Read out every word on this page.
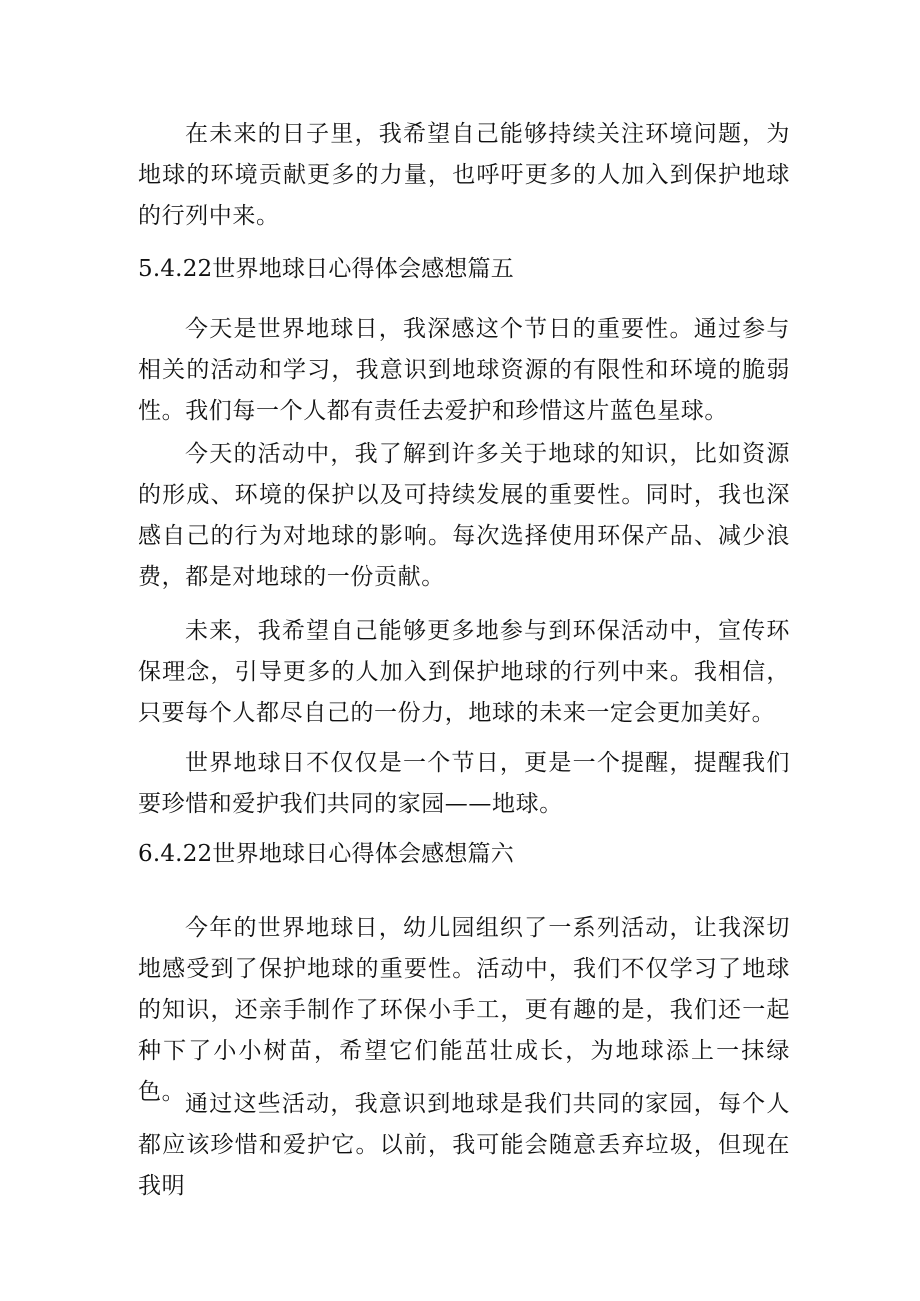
在未来的日子里，我希望自己能够持续关注环境问题，为地球的环境贡献更多的力量，也呼吁更多的人加入到保护地球的行列中来。

5.4.22世界地球日心得体会感想篇五

今天是世界地球日，我深感这个节日的重要性。通过参与相关的活动和学习，我意识到地球资源的有限性和环境的脆弱性。我们每一个人都有责任去爱护和珍惜这片蓝色星球。

今天的活动中，我了解到许多关于地球的知识，比如资源的形成、环境的保护以及可持续发展的重要性。同时，我也深感自己的行为对地球的影响。每次选择使用环保产品、减少浪费，都是对地球的一份贡献。

未来，我希望自己能够更多地参与到环保活动中，宣传环保理念，引导更多的人加入到保护地球的行列中来。我相信，只要每个人都尽自己的一份力，地球的未来一定会更加美好。

世界地球日不仅仅是一个节日，更是一个提醒，提醒我们要珍惜和爱护我们共同的家园——地球。

6.4.22世界地球日心得体会感想篇六

今年的世界地球日，幼儿园组织了一系列活动，让我深切地感受到了保护地球的重要性。活动中，我们不仅学习了地球的知识，还亲手制作了环保小手工，更有趣的是，我们还一起种下了小小树苗，希望它们能茁壮成长，为地球添上一抹绿色。 通过这些活动，我意识到地球是我们共同的家园，每个人都应该珍惜和爱护它。以前，我可能会随意丢弃垃圾，但现在我明
